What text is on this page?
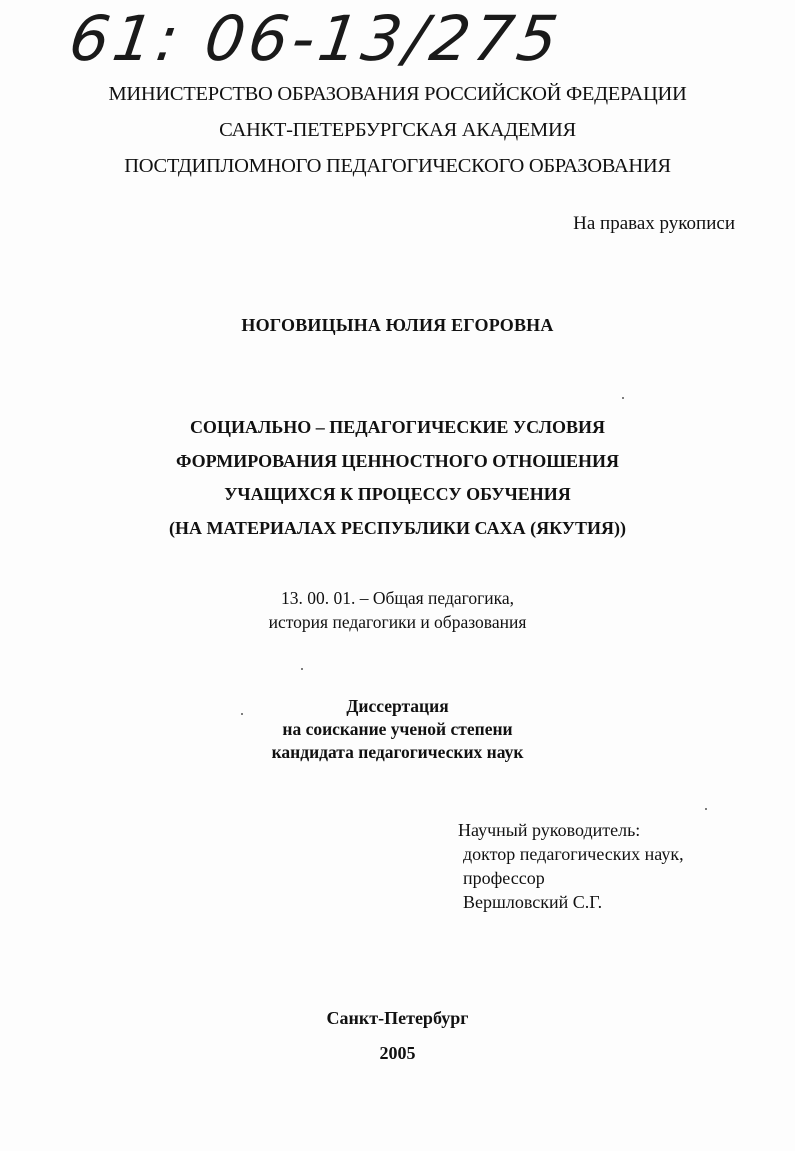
61: 06-13/275
МИНИСТЕРСТВО ОБРАЗОВАНИЯ РОССИЙСКОЙ ФЕДЕРАЦИИ
САНКТ-ПЕТЕРБУРГСКАЯ АКАДЕМИЯ
ПОСТДИПЛОМНОГО ПЕДАГОГИЧЕСКОГО ОБРАЗОВАНИЯ
На правах рукописи
НОГОВИЦЫНА ЮЛИЯ ЕГОРОВНА
СОЦИАЛЬНО – ПЕДАГОГИЧЕСКИЕ УСЛОВИЯ
ФОРМИРОВАНИЯ ЦЕННОСТНОГО ОТНОШЕНИЯ
УЧАЩИХСЯ К ПРОЦЕССУ ОБУЧЕНИЯ
(НА МАТЕРИАЛАХ РЕСПУБЛИКИ САХА (ЯКУТИЯ))
13. 00. 01. – Общая педагогика,
история педагогики и образования
Диссертация
на соискание ученой степени
кандидата педагогических наук
Научный руководитель:
доктор педагогических наук,
профессор
Вершловский С.Г.
Санкт-Петербург
2005
